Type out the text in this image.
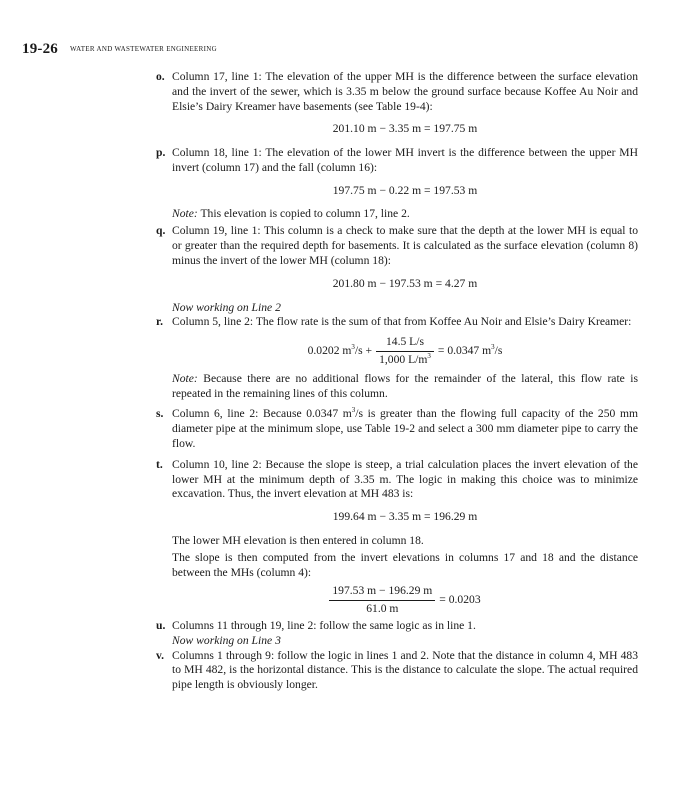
19-26 WATER AND WASTEWATER ENGINEERING
o. Column 17, line 1: The elevation of the upper MH is the difference between the surface elevation and the invert of the sewer, which is 3.35 m below the ground surface because Koffee Au Noir and Elsie’s Dairy Kreamer have basements (see Table 19-4):
201.10 m − 3.35 m = 197.75 m
p. Column 18, line 1: The elevation of the lower MH invert is the difference between the upper MH invert (column 17) and the fall (column 16):
197.75 m − 0.22 m = 197.53 m
Note: This elevation is copied to column 17, line 2.
q. Column 19, line 1: This column is a check to make sure that the depth at the lower MH is equal to or greater than the required depth for basements. It is calculated as the surface elevation (column 8) minus the invert of the lower MH (column 18):
201.80 m − 197.53 m = 4.27 m
Now working on Line 2
r. Column 5, line 2: The flow rate is the sum of that from Koffee Au Noir and Elsie’s Dairy Kreamer:
0.0202 $m^3/s + \frac{14.5 L/s}{1,000 L/m^3} = 0.0347$ $m^3/s$
Note: Because there are no additional flows for the remainder of the lateral, this flow rate is repeated in the remaining lines of this column.
s. Column 6, line 2: Because 0.0347 $m^3/s$ is greater than the flowing full capacity of the 250 mm diameter pipe at the minimum slope, use Table 19-2 and select a 300 mm diameter pipe to carry the flow.
t. Column 10, line 2: Because the slope is steep, a trial calculation places the invert elevation of the lower MH at the minimum depth of 3.35 m. The logic in making this choice was to minimize excavation. Thus, the invert elevation at MH 483 is:
199.64 m − 3.35 m = 196.29 m
The lower MH elevation is then entered in column 18.
The slope is then computed from the invert elevations in columns 17 and 18 and the distance between the MHs (column 4):
$\frac{197.53 m - 196.29 m}{61.0 m} = 0.0203$
u. Columns 11 through 19, line 2: follow the same logic as in line 1.
Now working on Line 3
v. Columns 1 through 9: follow the logic in lines 1 and 2. Note that the distance in column 4, MH 483 to MH 482, is the horizontal distance. This is the distance to calculate the slope. The actual required pipe length is obviously longer.
